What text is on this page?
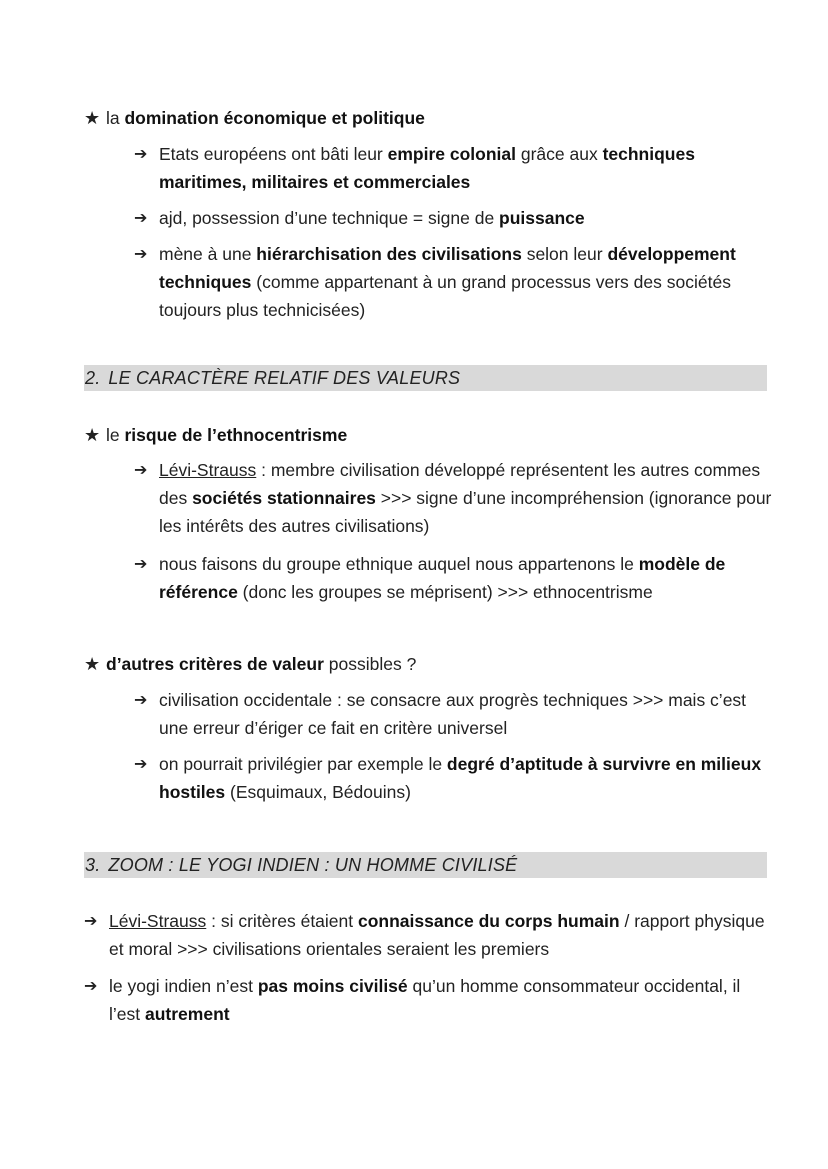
★ la domination économique et politique
➔ Etats européens ont bâti leur empire colonial grâce aux techniques maritimes, militaires et commerciales
➔ ajd, possession d’une technique = signe de puissance
➔ mène à une hiérarchisation des civilisations selon leur développement techniques (comme appartenant à un grand processus vers des sociétés toujours plus technicisées)
2. LE CARACTÈRE RELATIF DES VALEURS
★ le risque de l’ethnocentrisme
➔ Lévi-Strauss : membre civilisation développé représentent les autres commes des sociétés stationnaires >>> signe d’une incompréhension (ignorance pour les intérêts des autres civilisations)
➔ nous faisons du groupe ethnique auquel nous appartenons le modèle de référence (donc les groupes se méprisent) >>> ethnocentrisme
★ d’autres critères de valeur possibles ?
➔ civilisation occidentale : se consacre aux progrès techniques >>> mais c’est une erreur d’ériger ce fait en critère universel
➔ on pourrait privilégier par exemple le degré d’aptitude à survivre en milieux hostiles (Esquimaux, Bédouins)
3. ZOOM : LE YOGI INDIEN : UN HOMME CIVILISÉ
➔ Lévi-Strauss : si critères étaient connaissance du corps humain / rapport physique et moral >>> civilisations orientales seraient les premiers
➔ le yogi indien n’est pas moins civilisé qu’un homme consommateur occidental, il l’est autrement
